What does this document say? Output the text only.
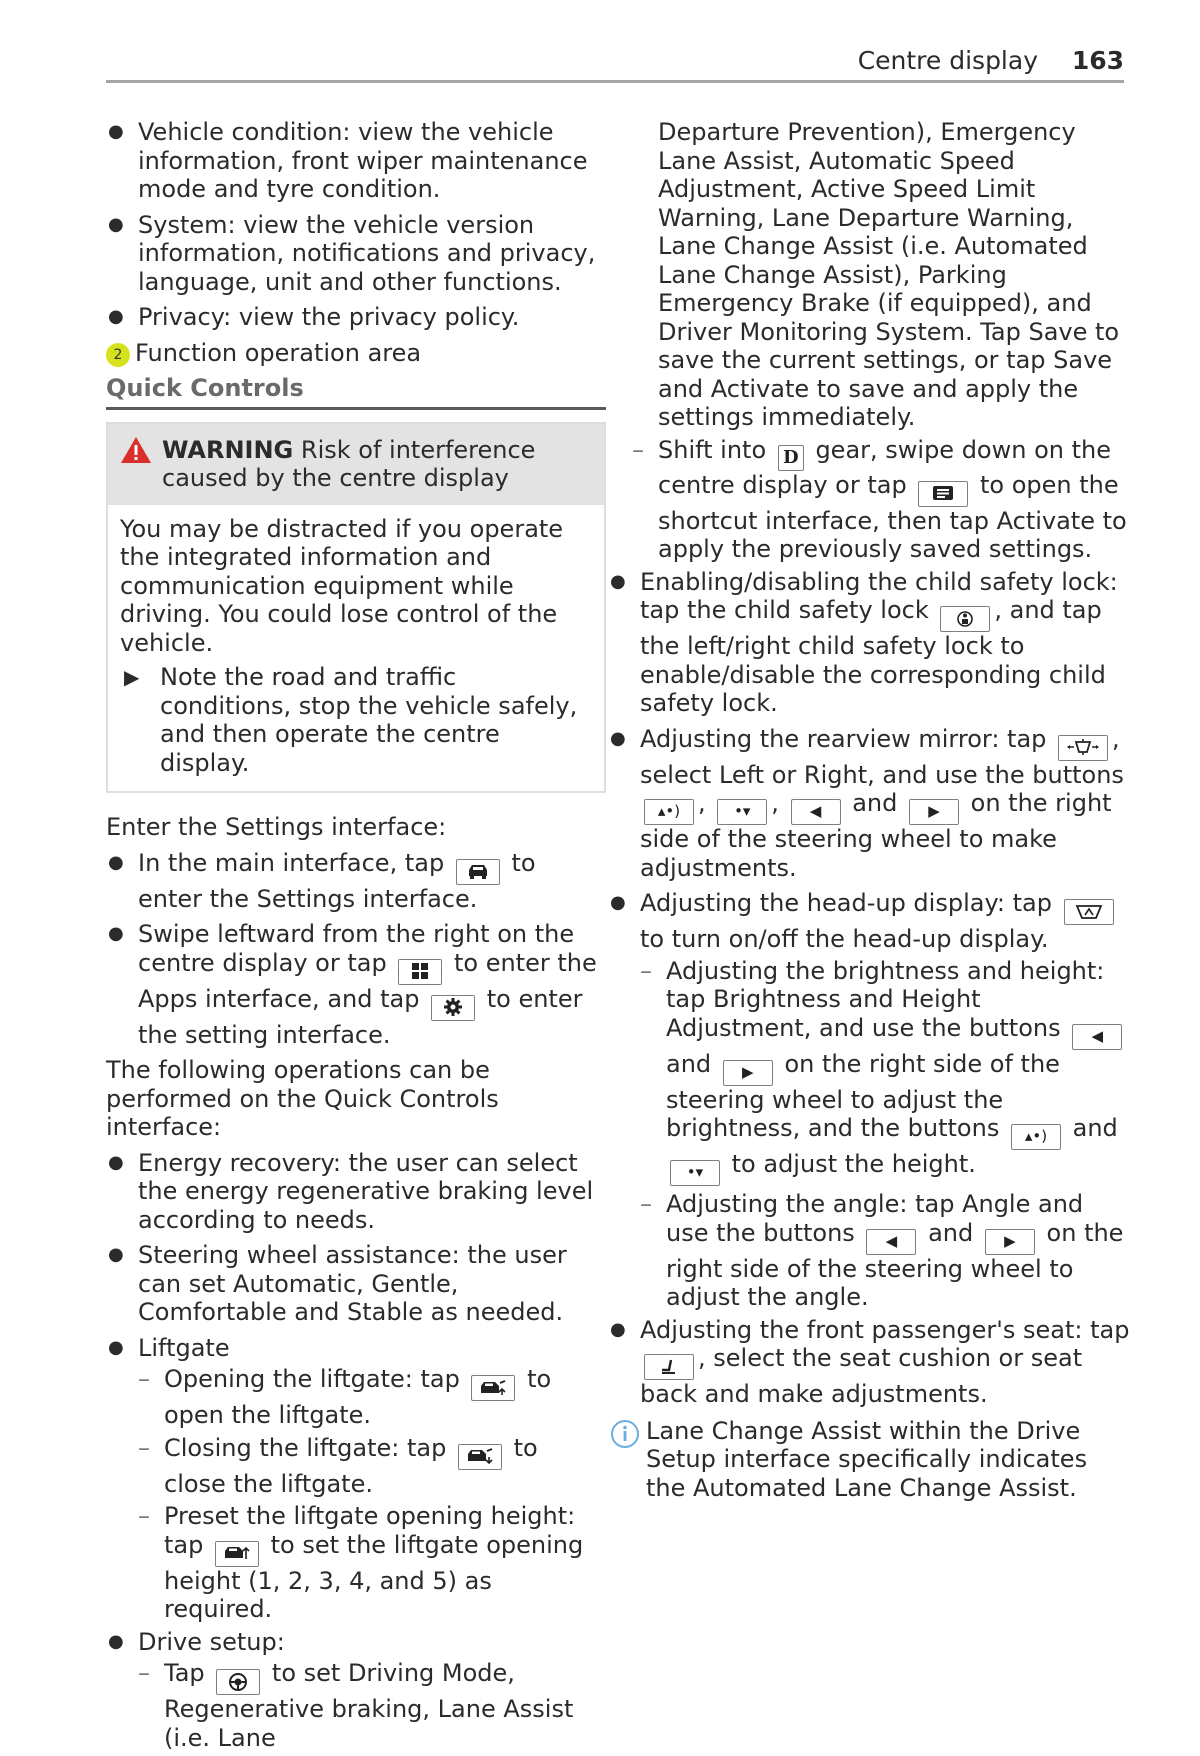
Centre display 163

● Vehicle condition: view the vehicle information, front wiper maintenance mode and tyre condition.

● System: view the vehicle version information, notifications and privacy, language, unit and other functions.

● Privacy: view the privacy policy.

2 Function operation area

Quick Controls
WARNING Risk of interference caused by the centre display

You may be distracted if you operate the integrated information and communication equipment while driving. You could lose control of the vehicle.

▶ Note the road and traffic conditions, stop the vehicle safely, and then operate the centre display.

Enter the Settings interface:

● In the main interface, tap	to enter the Settings interface.

● Swipe leftward from the right on the centre display or tap	to enter the Apps interface, and tap	to enter the setting interface.

The following operations can be performed on the Quick Controls interface:

● Energy recovery: the user can select the energy regenerative braking level according to needs.

● Steering wheel assistance: the user can set Automatic, Gentle, Comfortable and Stable as needed.

● Liftgate

– Opening the liftgate: tap	to open the liftgate.

– Closing the liftgate: tap	to close the liftgate.

– Preset the liftgate opening height: tap	to set the liftgate opening height (1, 2, 3, 4, and 5) as required.

● Drive setup:

– Tap	to set Driving Mode, Regenerative braking, Lane Assist (i.e. Lane

Departure Prevention), Emergency Lane Assist, Automatic Speed Adjustment, Active Speed Limit Warning, Lane Departure Warning, Lane Change Assist (i.e. Automated Lane Change Assist), Parking Emergency Brake (if equipped), and Driver Monitoring System. Tap Save to save the current settings, or tap Save and Activate to save and apply the settings immediately.

– Shift into D gear, swipe down on the centre display or tap	to open the shortcut interface, then tap Activate to apply the previously saved settings.

● Enabling/disabling the child safety lock: tap the child safety lock	, and tap the left/right child safety lock to enable/disable the corresponding child safety lock.

● Adjusting the rearview mirror: tap	, select Left or Right, and use the buttons ▴•) , •▾ , ◀ and ▶ on the right side of the steering wheel to make adjustments.

● Adjusting the head-up display: tap  to turn on/off the head-up display.

– Adjusting the brightness and height: tap Brightness and Height Adjustment, and use the buttons ◀ and ▶ on the right side of the steering wheel to adjust the brightness, and the buttons ▴•) and •▾ to adjust the height.

– Adjusting the angle: tap Angle and use the buttons ◀ and ▶ on the right side of the steering wheel to adjust the angle.

● Adjusting the front passenger's seat: tap , select the seat cushion or seat back and make adjustments.

Lane Change Assist within the Drive Setup interface specifically indicates the Automated Lane Change Assist.
